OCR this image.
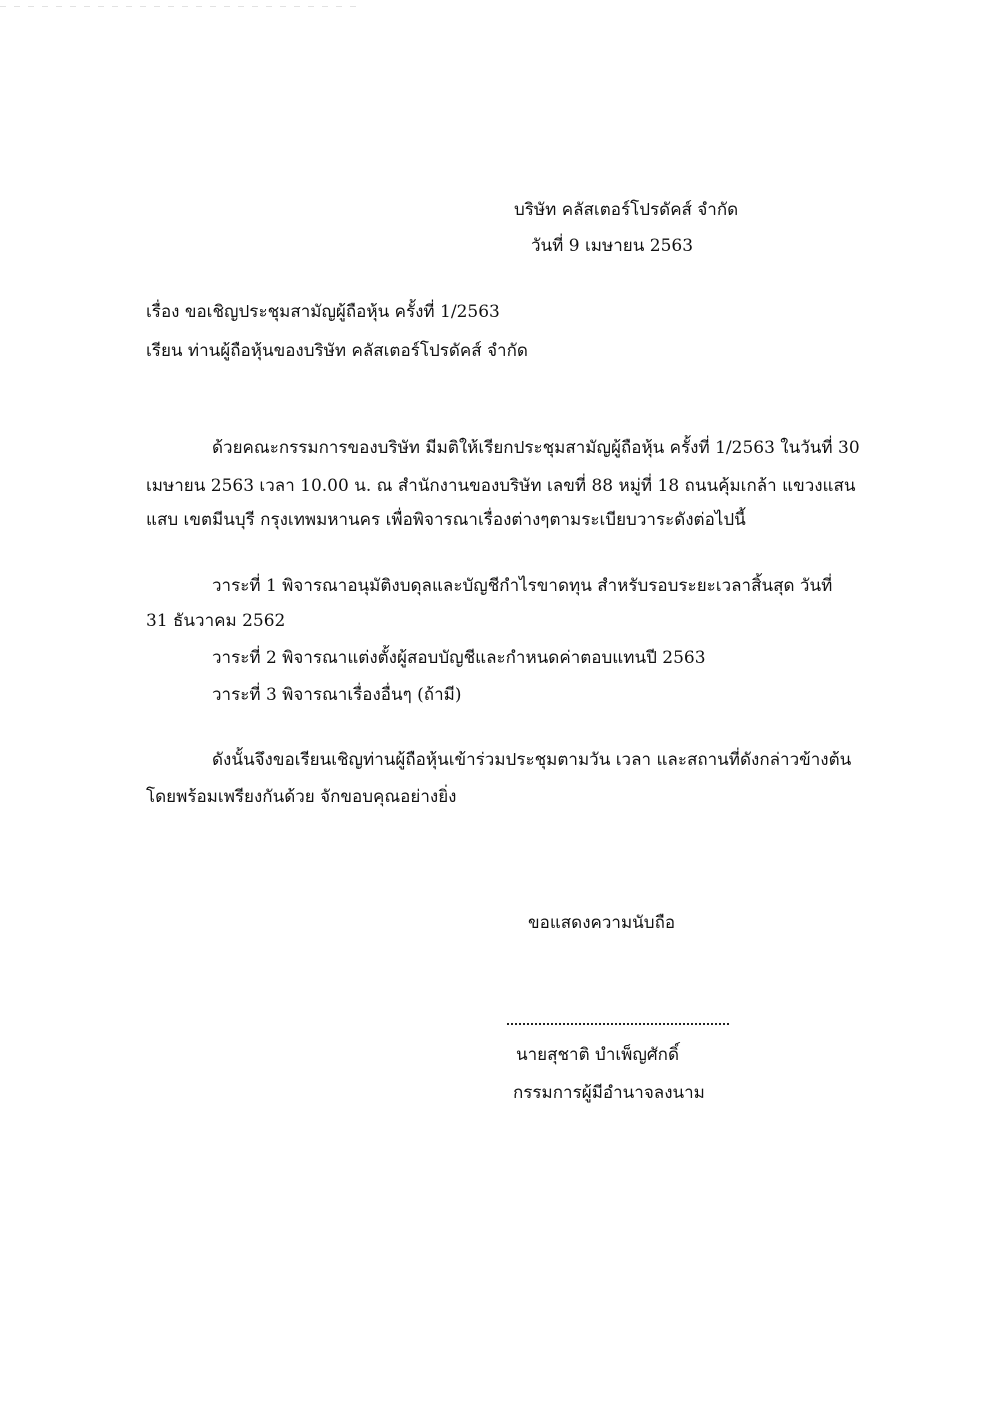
บริษัท คลัสเตอร์โปรดัคส์ จำกัด

วันที่ 9 เมษายน 2563

เรื่อง ขอเชิญประชุมสามัญผู้ถือหุ้น ครั้งที่ 1/2563

เรียน ท่านผู้ถือหุ้นของบริษัท คลัสเตอร์โปรดัคส์ จำกัด

ด้วยคณะกรรมการของบริษัท มีมติให้เรียกประชุมสามัญผู้ถือหุ้น ครั้งที่ 1/2563 ในวันที่ 30

เมษายน 2563 เวลา 10.00 น. ณ สำนักงานของบริษัท เลขที่ 88 หมู่ที่ 18 ถนนคุ้มเกล้า แขวงแสน

แสบ เขตมีนบุรี กรุงเทพมหานคร เพื่อพิจารณาเรื่องต่างๆตามระเบียบวาระดังต่อไปนี้

วาระที่ 1 พิจารณาอนุมัติงบดุลและบัญชีกำไรขาดทุน สำหรับรอบระยะเวลาสิ้นสุด วันที่

31 ธันวาคม 2562

วาระที่ 2 พิจารณาแต่งตั้งผู้สอบบัญชีและกำหนดค่าตอบแทนปี 2563

วาระที่ 3 พิจารณาเรื่องอื่นๆ (ถ้ามี)

ดังนั้นจึงขอเรียนเชิญท่านผู้ถือหุ้นเข้าร่วมประชุมตามวัน เวลา และสถานที่ดังกล่าวข้างต้น

โดยพร้อมเพรียงกันด้วย จักขอบคุณอย่างยิ่ง

ขอแสดงความนับถือ

นายสุชาติ บำเพ็ญศักดิ์

กรรมการผู้มีอำนาจลงนาม
